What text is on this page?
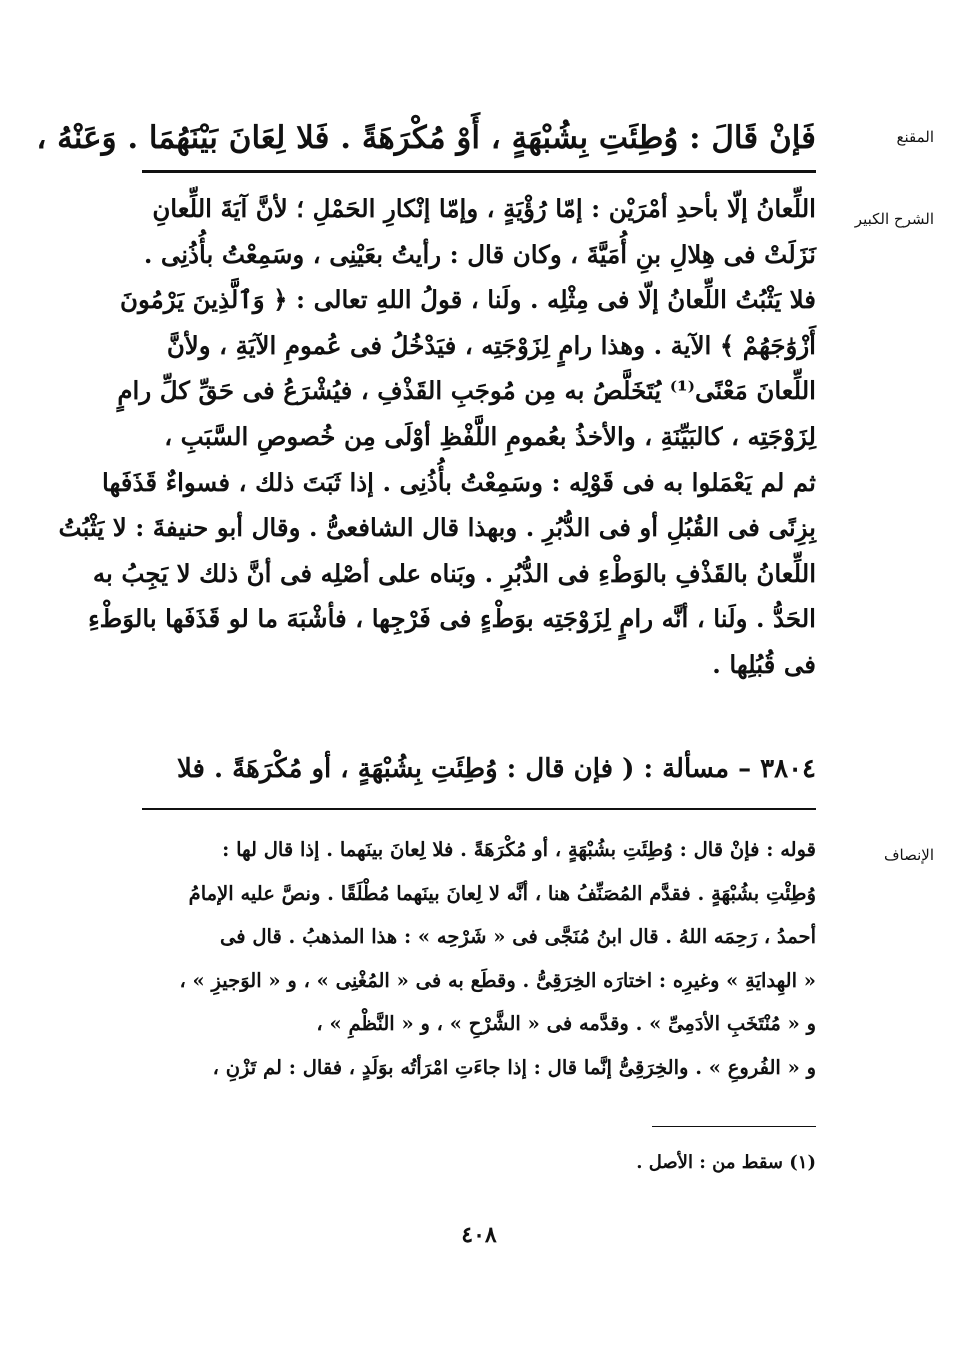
المقنع
فَإنْ قَالَ : وُطِئَتِ بِشُبْهَةٍ ، أَوْ مُكْرَهَةً . فَلا لِعَانَ بَيْنَهُمَا . وَعَنْهُ ،
الشرح الكبير
اللِّعانُ إلّا بأحدِ أمْرَيْن : إمّا رُؤْيَةٍ ، وإمّا إنْكارِ الحَمْلِ ؛ لأنَّ آيَةَ اللِّعانِ
نَزَلَتْ فى هِلالِ بنِ أُمَيَّةَ ، وكان قال : رأيتُ بعَيْنِى ، وسَمِعْتُ بأُذُنِى .
فلا يَثْبُتُ اللِّعانُ إلّا فى مِثْلِه . ولَنا ، قولُ اللهِ تعالى : ﴿ وَٱلَّذِينَ يَرْمُونَ
أَزْوَٰجَهُمْ ﴾ الآية . وهذا رامٍ لِزَوْجَتِه ، فيَدْخُلُ فى عُمومِ الآيَةِ ، ولأنَّ
اللِّعانَ مَعْنًى⁽¹⁾ يُتَخَلَّصُ به مِن مُوجَبِ القَذْفِ ، فيُشْرَعُ فى حَقِّ كلِّ رامٍ
لِزَوْجَتِه ، كالبَيِّنَةِ ، والأخذُ بعُمومِ اللَّفْظِ أوْلَى مِن خُصوصِ السَّبَبِ ،
ثم لم يَعْمَلوا به فى قَوْلِه : وسَمِعْتُ بأُذُنِى . إذا ثَبَتَ ذلك ، فسواءٌ قَذَفَها
بِزِنًى فى القُبُلِ أو فى الدُّبُرِ . وبهذا قال الشافعىُّ . وقال أبو حنيفةَ : لا يَثْبُتُ
اللِّعانُ بالقَذْفِ بالوَطْءِ فى الدُّبُرِ . وبَناه على أصْلِه فى أنَّ ذلك لا يَجِبُ به
الحَدُّ . ولَنا ، أنَّه رامٍ لِزَوْجَتِه بوَطْءٍ فى فَرْجِها ، فأشْبَهَ ما لو قَذَفَها بالوَطْءِ
فى قُبُلِها .
٣٨٠٤ – مسألة : ( فإن قال : وُطِئَتِ بِشُبْهَةٍ ، أو مُكْرَهَةً . فلا
الإنصاف
قوله : فإنْ قال : وُطِئَتِ بشُبْهَةٍ ، أو مُكْرَهَةً . فلا لِعانَ بينَهما . إذا قال لها :
وُطِئْتِ بشُبْهَةٍ . فقدَّم المُصَنِّفُ هنا ، أنَّه لا لِعانَ بينَهما مُطْلَقًا . ونصَّ عليه الإمامُ
أحمدُ ، رَحِمَه اللهُ . قال ابنُ مُنَجَّى فى « شَرْحِه » : هذا المذهبُ . قال فى
« الهِدايَةِ » وغيرِه : اختارَه الخِرَقِىُّ . وقطَع به فى « المُغْنِى » ، و « الوَجيزِ » ،
و « مُنْتَخَبِ الأدَمِىِّ » . وقدَّمه فى « الشَّرْحِ » ، و « النَّظْمِ » ،
و « الفُروعِ » . والخِرَقِىُّ إنَّما قال : إذا جاءَتِ امْرَأتُه بوَلَدٍ ، فقال : لم تَزْنِ ،
(١) سقط من : الأصل .
٤٠٨
